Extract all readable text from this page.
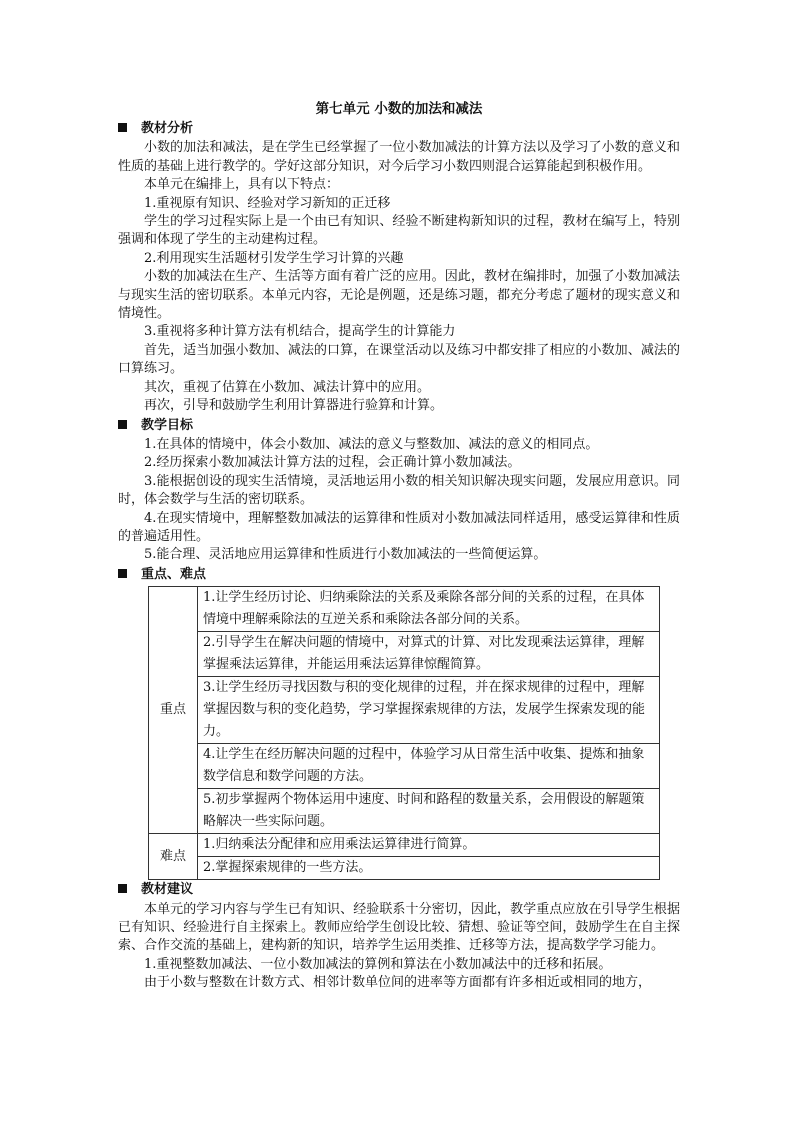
第七单元 小数的加法和减法
教材分析

小数的加法和减法，是在学生已经掌握了一位小数加减法的计算方法以及学习了小数的意义和性质的基础上进行教学的。学好这部分知识，对今后学习小数四则混合运算能起到积极作用。

本单元在编排上，具有以下特点：

1.重视原有知识、经验对学习新知的正迁移

学生的学习过程实际上是一个由已有知识、经验不断建构新知识的过程，教材在编写上，特别强调和体现了学生的主动建构过程。

2.利用现实生活题材引发学生学习计算的兴趣

小数的加减法在生产、生活等方面有着广泛的应用。因此，教材在编排时，加强了小数加减法与现实生活的密切联系。本单元内容，无论是例题，还是练习题，都充分考虑了题材的现实意义和情境性。

3.重视将多种计算方法有机结合，提高学生的计算能力

首先，适当加强小数加、减法的口算，在课堂活动以及练习中都安排了相应的小数加、减法的口算练习。

其次，重视了估算在小数加、减法计算中的应用。

再次，引导和鼓励学生利用计算器进行验算和计算。

教学目标

1.在具体的情境中，体会小数加、减法的意义与整数加、减法的意义的相同点。

2.经历探索小数加减法计算方法的过程，会正确计算小数加减法。

3.能根据创设的现实生活情境，灵活地运用小数的相关知识解决现实问题，发展应用意识。同时，体会数学与生活的密切联系。

4.在现实情境中，理解整数加减法的运算律和性质对小数加减法同样适用，感受运算律和性质的普遍适用性。

5.能合理、灵活地应用运算律和性质进行小数加减法的一些简便运算。

重点、难点
重点	1.让学生经历讨论、归纳乘除法的关系及乘除各部分间的关系的过程，在具体情境中理解乘除法的互逆关系和乘除法各部分间的关系。
	2.引导学生在解决问题的情境中，对算式的计算、对比发现乘法运算律，理解掌握乘法运算律，并能运用乘法运算律惊醒简算。
	3.让学生经历寻找因数与积的变化规律的过程，并在探求规律的过程中，理解掌握因数与积的变化趋势，学习掌握探索规律的方法，发展学生探索发现的能力。
	4.让学生在经历解决问题的过程中，体验学习从日常生活中收集、提炼和抽象数学信息和数学问题的方法。
	5.初步掌握两个物体运用中速度、时间和路程的数量关系，会用假设的解题策略解决一些实际问题。
难点	1.归纳乘法分配律和应用乘法运算律进行简算。
	2.掌握探索规律的一些方法。
教材建议

本单元的学习内容与学生已有知识、经验联系十分密切，因此，教学重点应放在引导学生根据已有知识、经验进行自主探索上。教师应给学生创设比较、猜想、验证等空间，鼓励学生在自主探索、合作交流的基础上，建构新的知识，培养学生运用类推、迁移等方法，提高数学学习能力。

1.重视整数加减法、一位小数加减法的算例和算法在小数加减法中的迁移和拓展。

由于小数与整数在计数方式、相邻计数单位间的进率等方面都有许多相近或相同的地方，
